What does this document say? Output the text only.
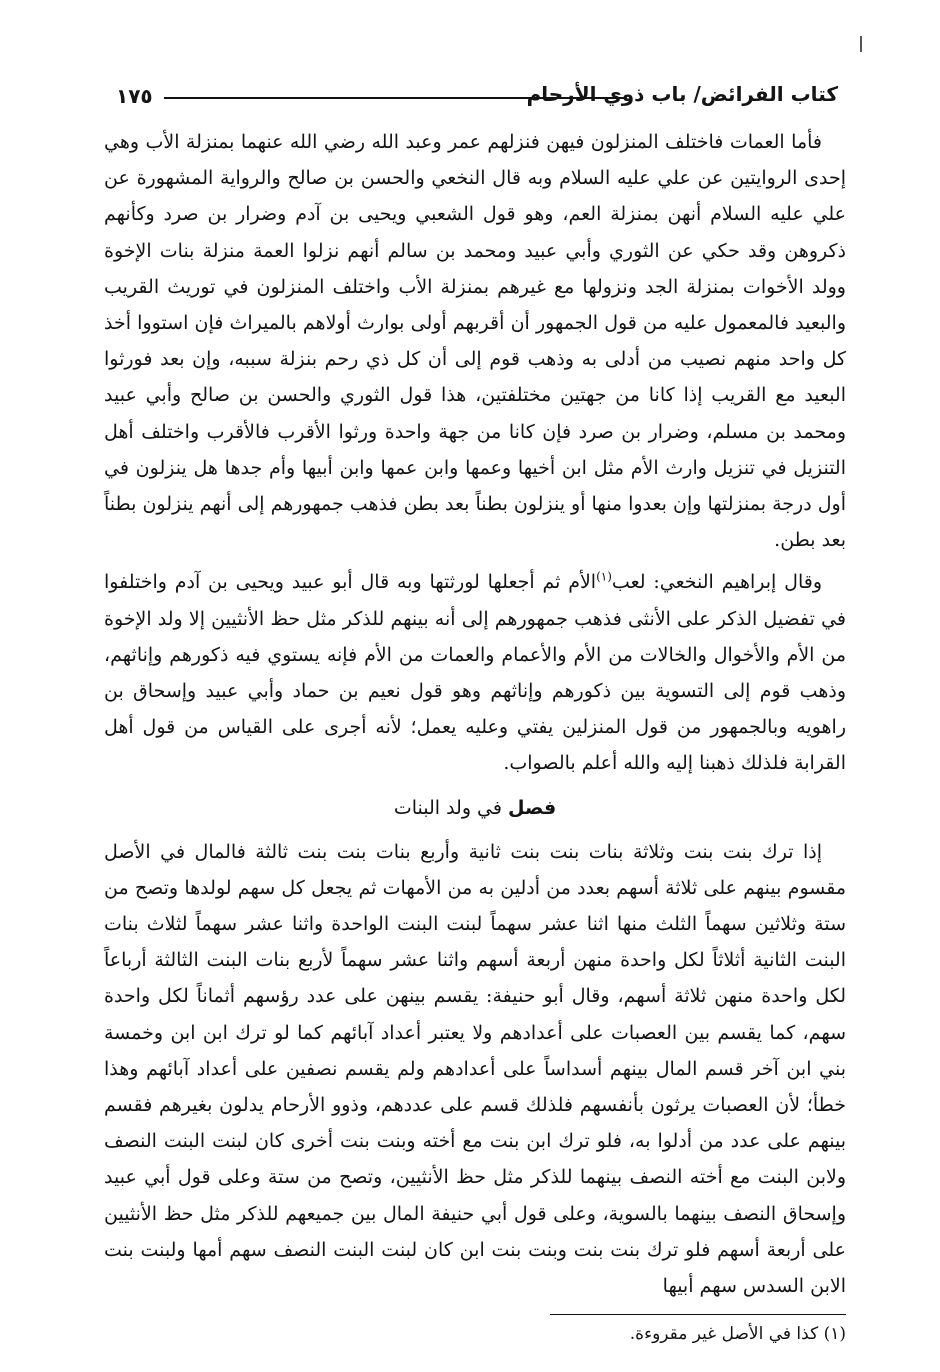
١٧٥	كتاب الفرائض/ باب ذوي الأرحام

فأما العمات فاختلف المنزلون فيهن فنزلهم عمر وعبد الله رضي الله عنهما بمنزلة الأب وهي إحدى الروايتين عن علي عليه السلام وبه قال النخعي والحسن بن صالح والرواية المشهورة عن علي عليه السلام أنهن بمنزلة العم، وهو قول الشعبي ويحيى بن آدم وضرار بن صرد وكأنهم ذكروهن وقد حكي عن الثوري وأبي عبيد ومحمد بن سالم أنهم نزلوا العمة منزلة بنات الإخوة وولد الأخوات بمنزلة الجد ونزولها مع غيرهم بمنزلة الأب واختلف المنزلون في توريث القريب والبعيد فالمعمول عليه من قول الجمهور أن أقربهم أولى بوارث أولاهم بالميراث فإن استووا أخذ كل واحد منهم نصيب من أدلى به وذهب قوم إلى أن كل ذي رحم بنزلة سببه، وإن بعد فورثوا البعيد مع القريب إذا كانا من جهتين مختلفتين، هذا قول الثوري والحسن بن صالح وأبي عبيد ومحمد بن مسلم، وضرار بن صرد فإن كانا من جهة واحدة ورثوا الأقرب فالأقرب واختلف أهل التنزيل في تنزيل وارث الأم مثل ابن أخيها وعمها وابن عمها وابن أبيها وأم جدها هل ينزلون في أول درجة بمنزلتها وإن بعدوا منها أو ينزلون بطناً بعد بطن فذهب جمهورهم إلى أنهم ينزلون بطناً بعد بطن.

وقال إبراهيم النخعي: لعب$^{(١)}$الأم ثم أجعلها لورثتها وبه قال أبو عبيد ويحيى بن آدم واختلفوا في تفضيل الذكر على الأنثى فذهب جمهورهم إلى أنه بينهم للذكر مثل حظ الأنثيين إلا ولد الإخوة من الأم والأخوال والخالات من الأم والأعمام والعمات من الأم فإنه يستوي فيه ذكورهم وإناثهم، وذهب قوم إلى التسوية بين ذكورهم وإناثهم وهو قول نعيم بن حماد وأبي عبيد وإسحاق بن راهويه وبالجمهور من قول المنزلين يفتي وعليه يعمل؛ لأنه أجرى على القياس من قول أهل القرابة فلذلك ذهبنا إليه والله أعلم بالصواب.

فصل في ولد البنات

إذا ترك بنت بنت وثلاثة بنات بنت بنت ثانية وأربع بنات بنت بنت ثالثة فالمال في الأصل مقسوم بينهم على ثلاثة أسهم بعدد من أدلين به من الأمهات ثم يجعل كل سهم لولدها وتصح من ستة وثلاثين سهماً الثلث منها اثنا عشر سهماً لبنت البنت الواحدة واثنا عشر سهماً لثلاث بنات البنت الثانية أثلاثاً لكل واحدة منهن أربعة أسهم واثنا عشر سهماً لأربع بنات البنت الثالثة أرباعاً لكل واحدة منهن ثلاثة أسهم، وقال أبو حنيفة: يقسم بينهن على عدد رؤسهم أثماناً لكل واحدة سهم، كما يقسم بين العصبات على أعدادهم ولا يعتبر أعداد آبائهم كما لو ترك ابن ابن وخمسة بني ابن آخر قسم المال بينهم أسداساً على أعدادهم ولم يقسم نصفين على أعداد آبائهم وهذا خطأ؛ لأن العصبات يرثون بأنفسهم فلذلك قسم على عددهم، وذوو الأرحام يدلون بغيرهم فقسم بينهم على عدد من أدلوا به، فلو ترك ابن بنت مع أخته وبنت بنت أخرى كان لبنت البنت النصف ولابن البنت مع أخته النصف بينهما للذكر مثل حظ الأنثيين، وتصح من ستة وعلى قول أبي عبيد وإسحاق النصف بينهما بالسوية، وعلى قول أبي حنيفة المال بين جميعهم للذكر مثل حظ الأنثيين على أربعة أسهم فلو ترك بنت بنت وبنت بنت ابن كان لبنت البنت النصف سهم أمها ولبنت بنت الابن السدس سهم أبيها

(١) كذا في الأصل غير مقروءة.
